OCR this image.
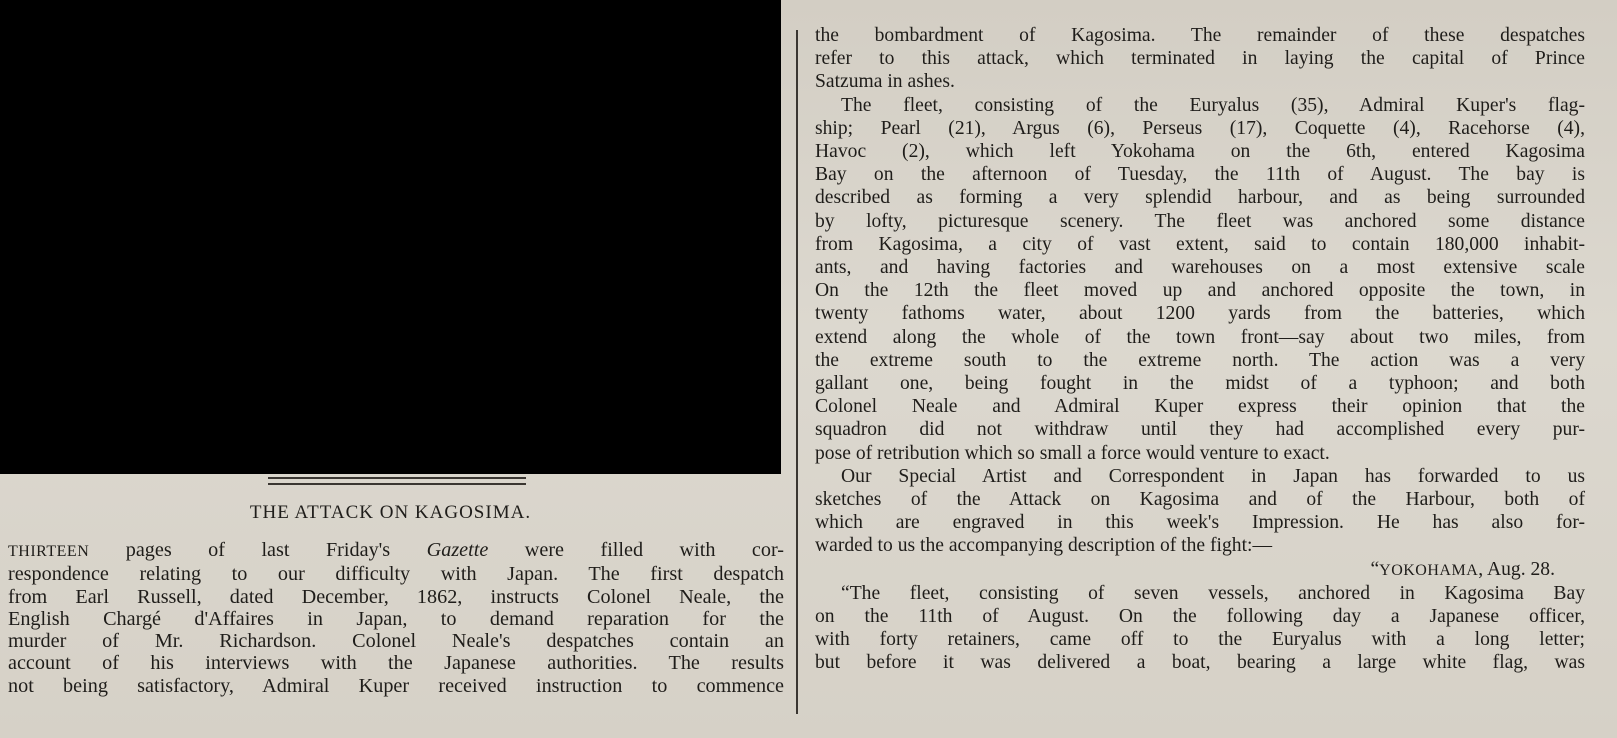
THE ATTACK ON KAGOSIMA.
THIRTEEN pages of last Friday's Gazette were filled with cor-
respondence relating to our difficulty with Japan. The first despatch
from Earl Russell, dated December, 1862, instructs Colonel Neale, the
English Chargé d'Affaires in Japan, to demand reparation for the
murder of Mr. Richardson. Colonel Neale's despatches contain an
account of his interviews with the Japanese authorities. The results
not being satisfactory, Admiral Kuper received instruction to commence
the bombardment of Kagosima. The remainder of these despatches
refer to this attack, which terminated in laying the capital of Prince
Satzuma in ashes.
The fleet, consisting of the Euryalus (35), Admiral Kuper's flag-
ship; Pearl (21), Argus (6), Perseus (17), Coquette (4), Racehorse (4),
Havoc (2), which left Yokohama on the 6th, entered Kagosima
Bay on the afternoon of Tuesday, the 11th of August. The bay is
described as forming a very splendid harbour, and as being surrounded
by lofty, picturesque scenery. The fleet was anchored some distance
from Kagosima, a city of vast extent, said to contain 180,000 inhabit-
ants, and having factories and warehouses on a most extensive scale
On the 12th the fleet moved up and anchored opposite the town, in
twenty fathoms water, about 1200 yards from the batteries, which
extend along the whole of the town front—say about two miles, from
the extreme south to the extreme north. The action was a very
gallant one, being fought in the midst of a typhoon; and both
Colonel Neale and Admiral Kuper express their opinion that the
squadron did not withdraw until they had accomplished every pur-
pose of retribution which so small a force would venture to exact.
Our Special Artist and Correspondent in Japan has forwarded to us
sketches of the Attack on Kagosima and of the Harbour, both of
which are engraved in this week's Impression. He has also for-
warded to us the accompanying description of the fight:—
“YOKOHAMA, Aug. 28.
“The fleet, consisting of seven vessels, anchored in Kagosima Bay
on the 11th of August. On the following day a Japanese officer,
with forty retainers, came off to the Euryalus with a long letter;
but before it was delivered a boat, bearing a large white flag, was
